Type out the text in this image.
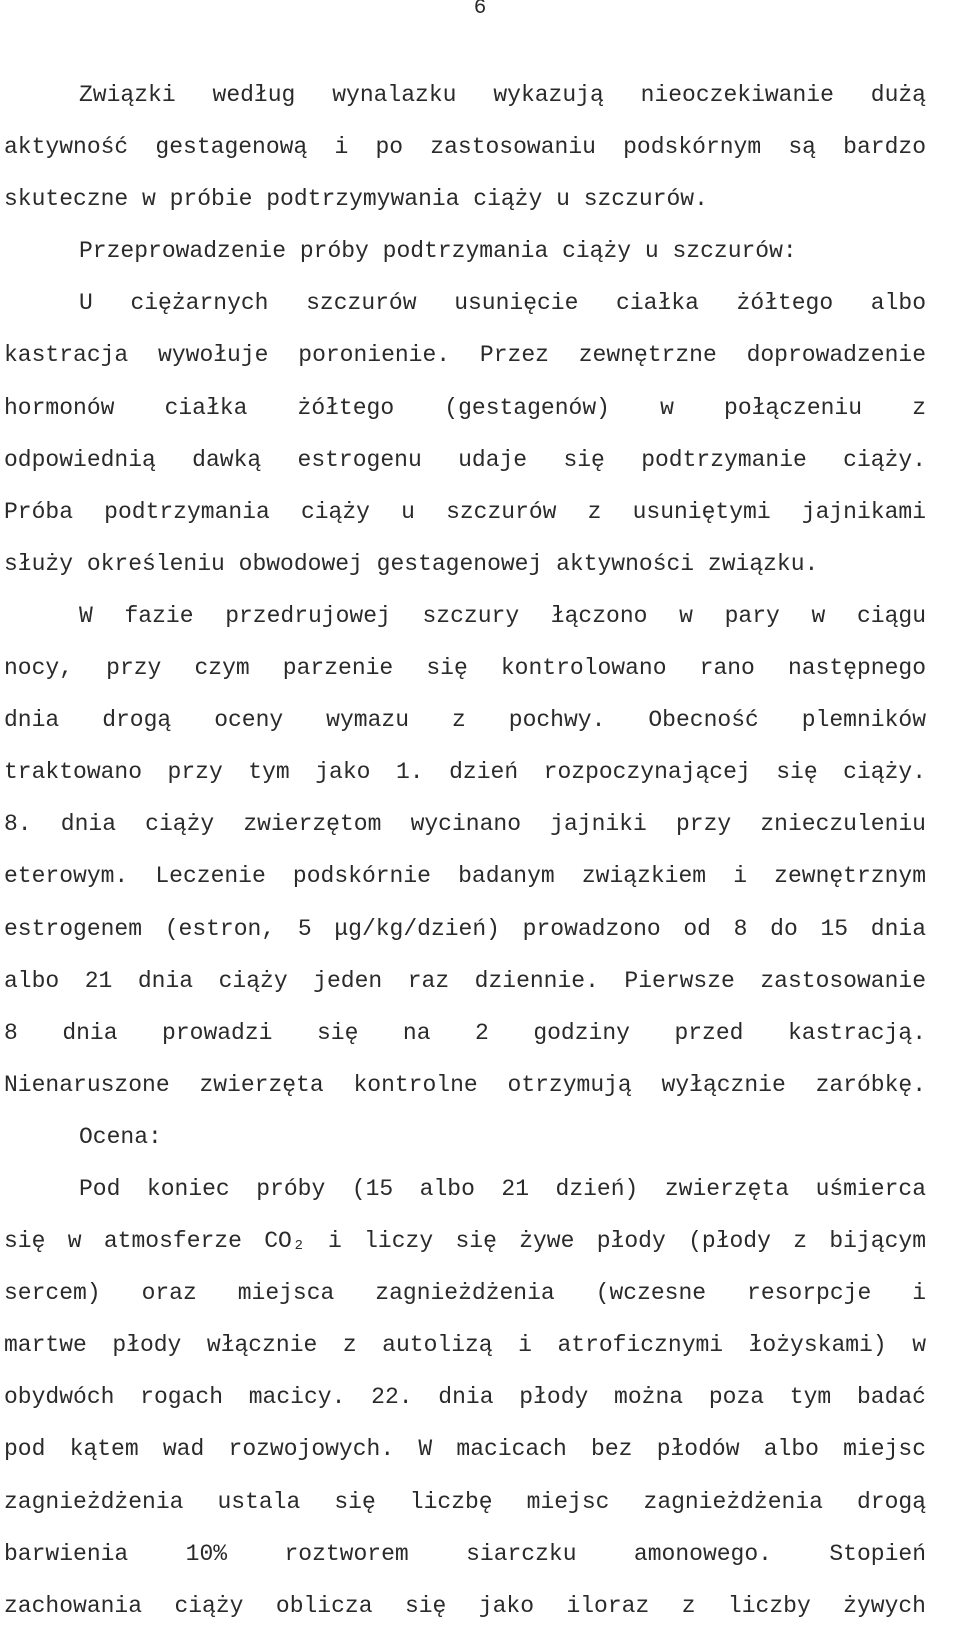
6
Związki według wynalazku wykazują nieoczekiwanie dużą
aktywność gestagenową i po zastosowaniu podskórnym są bardzo
skuteczne w próbie podtrzymywania ciąży u szczurów.
Przeprowadzenie próby podtrzymania ciąży u szczurów:
U ciężarnych szczurów usunięcie ciałka żółtego albo
kastracja wywołuje poronienie. Przez zewnętrzne doprowadzenie
hormonów ciałka żółtego (gestagenów) w połączeniu z
odpowiednią dawką estrogenu udaje się podtrzymanie ciąży.
Próba podtrzymania ciąży u szczurów z usuniętymi jajnikami
służy określeniu obwodowej gestagenowej aktywności związku.
W fazie przedrujowej szczury łączono w pary w ciągu
nocy, przy czym parzenie się kontrolowano rano następnego
dnia drogą oceny wymazu z pochwy. Obecność plemników
traktowano przy tym jako 1. dzień rozpoczynającej się ciąży.
8. dnia ciąży zwierzętom wycinano jajniki przy znieczuleniu
eterowym. Leczenie podskórnie badanym związkiem i zewnętrznym
estrogenem (estron, 5 μg/kg/dzień) prowadzono od 8 do 15 dnia
albo 21 dnia ciąży jeden raz dziennie. Pierwsze zastosowanie
8 dnia prowadzi się na 2 godziny przed kastracją.
Nienaruszone zwierzęta kontrolne otrzymują wyłącznie zaróbkę.
Ocena:
Pod koniec próby (15 albo 21 dzień) zwierzęta uśmierca
się w atmosferze CO₂ i liczy się żywe płody (płody z bijącym
sercem) oraz miejsca zagnieżdżenia (wczesne resorpcje i
martwe płody włącznie z autolizą i atroficznymi łożyskami) w
obydwóch rogach macicy. 22. dnia płody można poza tym badać
pod kątem wad rozwojowych. W macicach bez płodów albo miejsc
zagnieżdżenia ustala się liczbę miejsc zagnieżdżenia drogą
barwienia 10% roztworem siarczku amonowego. Stopień
zachowania ciąży oblicza się jako iloraz z liczby żywych
